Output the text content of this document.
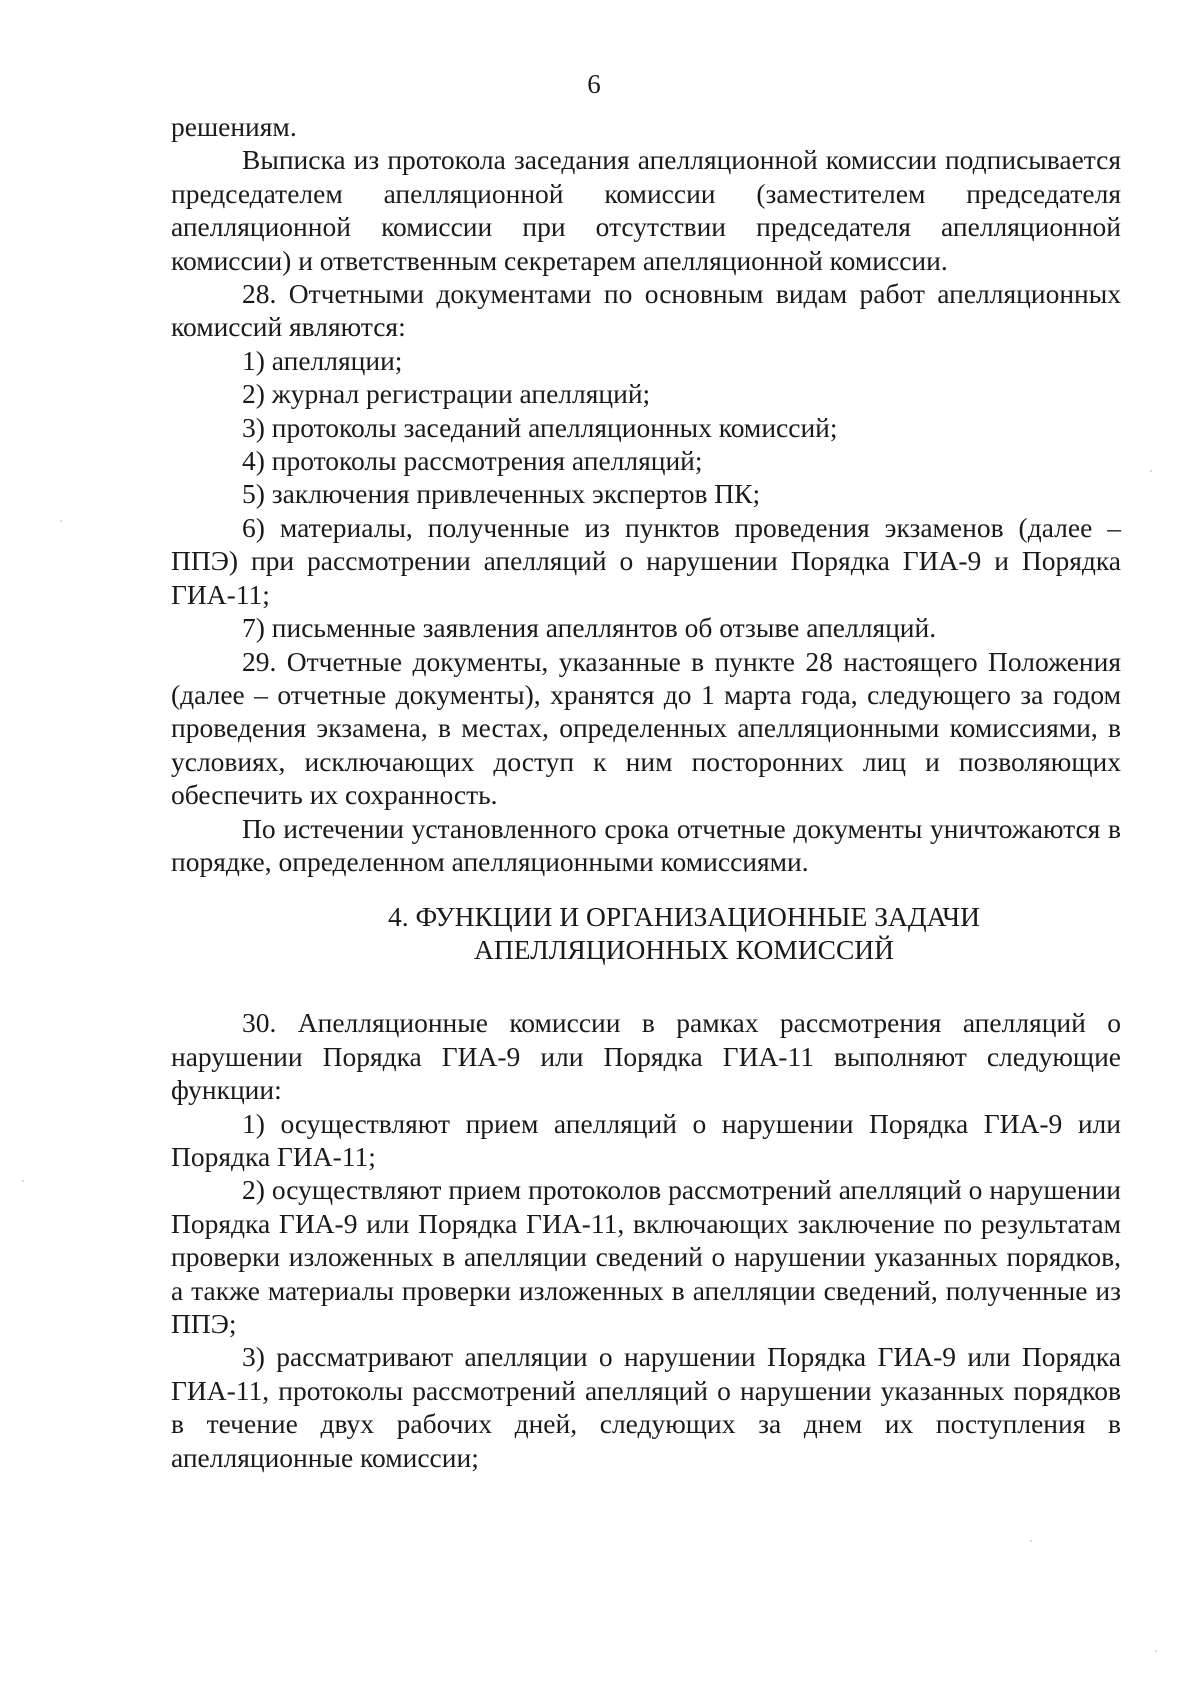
6

решениям.

Выписка из протокола заседания апелляционной комиссии подписывается председателем апелляционной комиссии (заместителем председателя апелляционной комиссии при отсутствии председателя апелляционной комиссии) и ответственным секретарем апелляционной комиссии.

28. Отчетными документами по основным видам работ апелляционных комиссий являются:

1) апелляции;

2) журнал регистрации апелляций;

3) протоколы заседаний апелляционных комиссий;

4) протоколы рассмотрения апелляций;

5) заключения привлеченных экспертов ПК;

6) материалы, полученные из пунктов проведения экзаменов (далее – ППЭ) при рассмотрении апелляций о нарушении Порядка ГИА-9 и Порядка ГИА-11;

7) письменные заявления апеллянтов об отзыве апелляций.

29. Отчетные документы, указанные в пункте 28 настоящего Положения (далее – отчетные документы), хранятся до 1 марта года, следующего за годом проведения экзамена, в местах, определенных апелляционными комиссиями, в условиях, исключающих доступ к ним посторонних лиц и позволяющих обеспечить их сохранность.

По истечении установленного срока отчетные документы уничтожаются в порядке, определенном апелляционными комиссиями.

4. ФУНКЦИИ И ОРГАНИЗАЦИОННЫЕ ЗАДАЧИ
АПЕЛЛЯЦИОННЫХ КОМИССИЙ

30. Апелляционные комиссии в рамках рассмотрения апелляций о нарушении Порядка ГИА-9 или Порядка ГИА-11 выполняют следующие функции:

1) осуществляют прием апелляций о нарушении Порядка ГИА-9 или Порядка ГИА-11;

2) осуществляют прием протоколов рассмотрений апелляций о нарушении Порядка ГИА-9 или Порядка ГИА-11, включающих заключение по результатам проверки изложенных в апелляции сведений о нарушении указанных порядков, а также материалы проверки изложенных в апелляции сведений, полученные из ППЭ;

3) рассматривают апелляции о нарушении Порядка ГИА-9 или Порядка ГИА-11, протоколы рассмотрений апелляций о нарушении указанных порядков в течение двух рабочих дней, следующих за днем их поступления в апелляционные комиссии;
